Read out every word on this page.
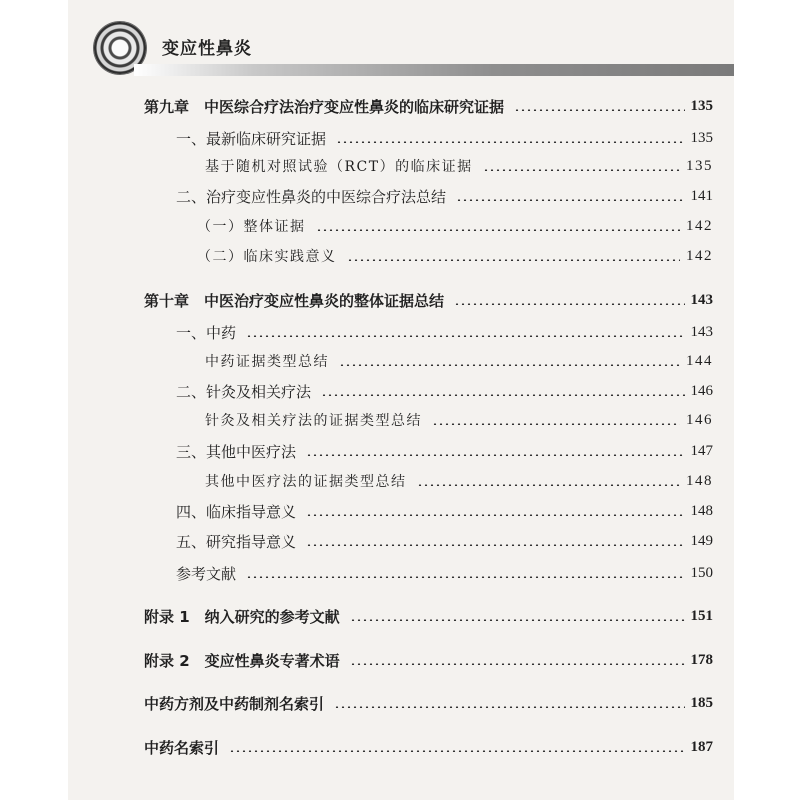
变应性鼻炎
第九章　中医综合疗法治疗变应性鼻炎的临床研究证据	135
一、最新临床研究证据	135
基于随机对照试验（RCT）的临床证据	135
二、治疗变应性鼻炎的中医综合疗法总结	141
（一）整体证据	142
（二）临床实践意义	142
第十章　中医治疗变应性鼻炎的整体证据总结	143
一、中药	143
中药证据类型总结	144
二、针灸及相关疗法	146
针灸及相关疗法的证据类型总结	146
三、其他中医疗法	147
其他中医疗法的证据类型总结	148
四、临床指导意义	148
五、研究指导意义	149
参考文献	150
附录 1　纳入研究的参考文献	151
附录 2　变应性鼻炎专著术语	178
中药方剂及中药制剂名索引	185
中药名索引	187
